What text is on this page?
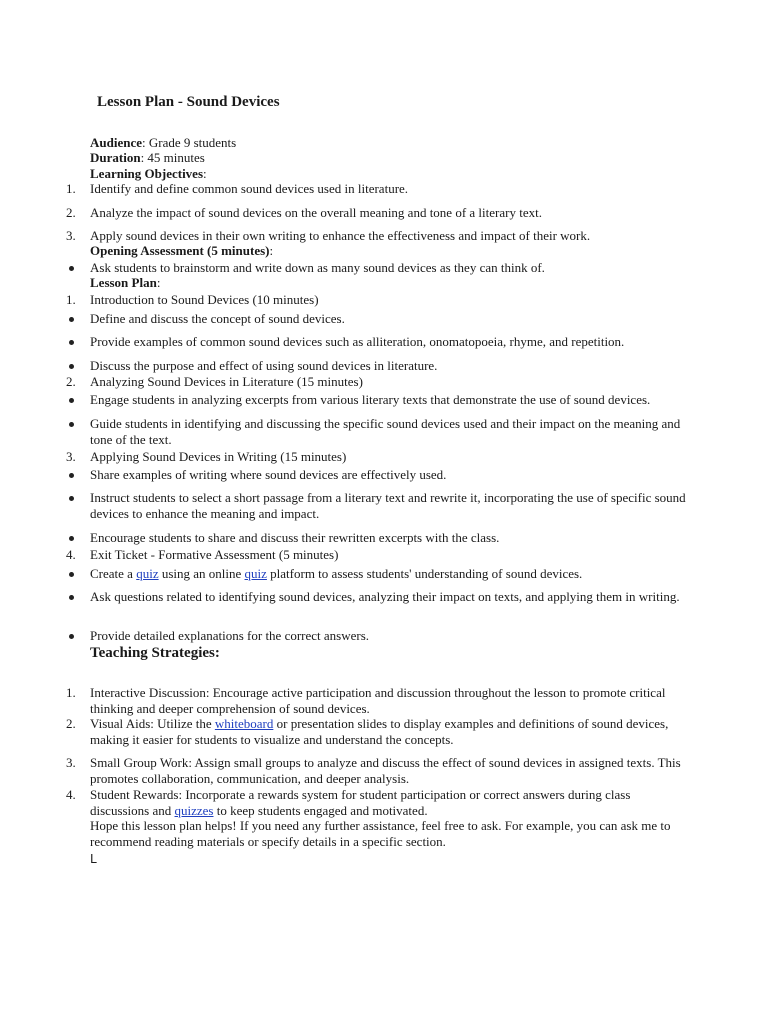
Lesson Plan - Sound Devices

Audience: Grade 9 students

Duration: 45 minutes

Learning Objectives:

1. Identify and define common sound devices used in literature.

2. Analyze the impact of sound devices on the overall meaning and tone of a literary text.

3. Apply sound devices in their own writing to enhance the effectiveness and impact of their work.

Opening Assessment (5 minutes):

Ask students to brainstorm and write down as many sound devices as they can think of.

Lesson Plan:

1. Introduction to Sound Devices (10 minutes)

Define and discuss the concept of sound devices.

Provide examples of common sound devices such as alliteration, onomatopoeia, rhyme, and repetition.

Discuss the purpose and effect of using sound devices in literature.

2. Analyzing Sound Devices in Literature (15 minutes)

Engage students in analyzing excerpts from various literary texts that demonstrate the use of sound devices.

Guide students in identifying and discussing the specific sound devices used and their impact on the meaning and tone of the text.

3. Applying Sound Devices in Writing (15 minutes)

Share examples of writing where sound devices are effectively used.

Instruct students to select a short passage from a literary text and rewrite it, incorporating the use of specific sound devices to enhance the meaning and impact.

Encourage students to share and discuss their rewritten excerpts with the class.

4. Exit Ticket - Formative Assessment (5 minutes)

Create a quiz using an online quiz platform to assess students' understanding of sound devices.

Ask questions related to identifying sound devices, analyzing their impact on texts, and applying them in writing.

Provide detailed explanations for the correct answers.

Teaching Strategies:
1. Interactive Discussion: Encourage active participation and discussion throughout the lesson to promote critical thinking and deeper comprehension of sound devices.

2. Visual Aids: Utilize the whiteboard or presentation slides to display examples and definitions of sound devices, making it easier for students to visualize and understand the concepts.

3. Small Group Work: Assign small groups to analyze and discuss the effect of sound devices in assigned texts. This promotes collaboration, communication, and deeper analysis.

4. Student Rewards: Incorporate a rewards system for student participation or correct answers during class discussions and quizzes to keep students engaged and motivated.

Hope this lesson plan helps! If you need any further assistance, feel free to ask. For example, you can ask me to recommend reading materials or specify details in a specific section.

L
